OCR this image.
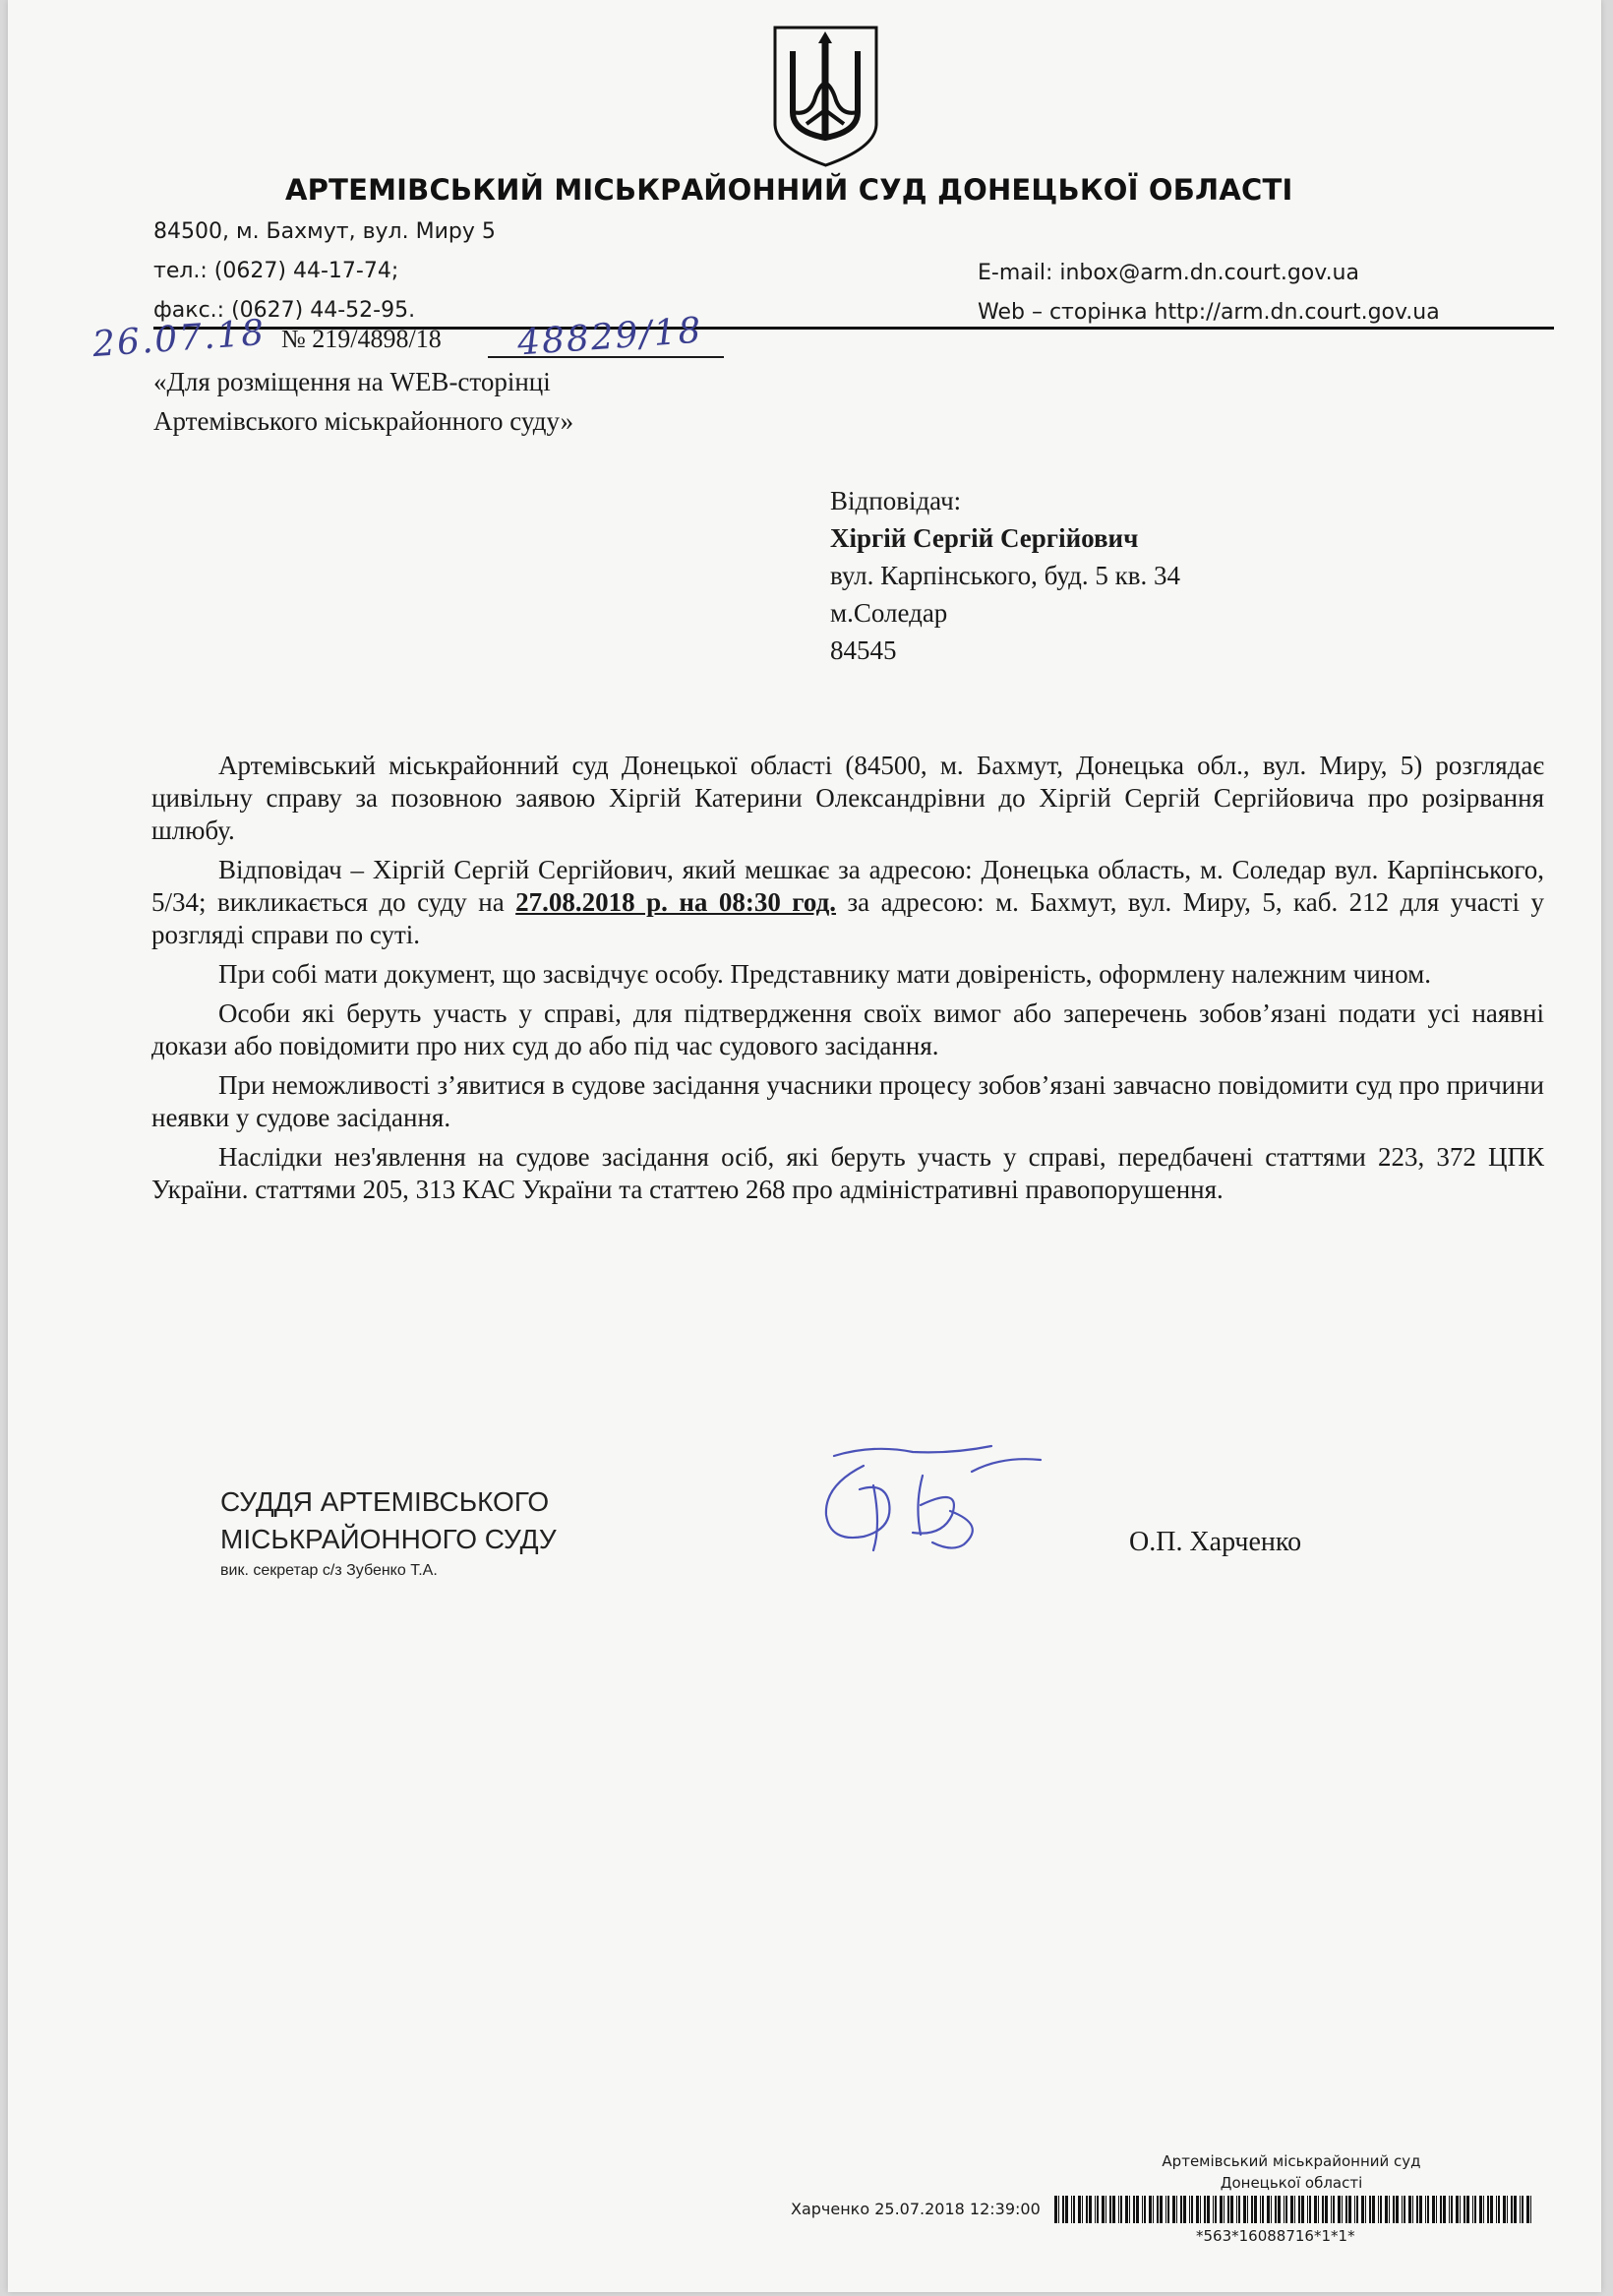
АРТЕМІВСЬКИЙ МІСЬКРАЙОННИЙ СУД ДОНЕЦЬКОЇ ОБЛАСТІ
84500, м. Бахмут, вул. Миру 5
тел.: (0627) 44-17-74;
факс.: (0627) 44-52-95.
E-mail: inbox@arm.dn.court.gov.ua
Web – сторінка http://arm.dn.court.gov.ua
26.07.18 № 219/4898/18 48829/18
«Для розміщення на WEB-сторінці
Артемівського міськрайонного суду»
Відповідач:
Хіргій Сергій Сергійович
вул. Карпінського, буд. 5 кв. 34
м.Соледар
84545

Артемівський міськрайонний суд Донецької області (84500, м. Бахмут, Донецька обл., вул. Миру, 5) розглядає цивільну справу за позовною заявою Хіргій Катерини Олександрівни до Хіргій Сергій Сергійовича про розірвання шлюбу.

Відповідач – Хіргій Сергій Сергійович, який мешкає за адресою: Донецька область, м. Соледар вул. Карпінського, 5/34; викликається до суду на 27.08.2018 р. на 08:30 год. за адресою: м. Бахмут, вул. Миру, 5, каб. 212 для участі у розгляді справи по суті.

При собі мати документ, що засвідчує особу. Представнику мати довіреність, оформлену належним чином.

Особи які беруть участь у справі, для підтвердження своїх вимог або заперечень зобов’язані подати усі наявні докази або повідомити про них суд до або під час судового засідання.

При неможливості з’явитися в судове засідання учасники процесу зобов’язані завчасно повідомити суд про причини неявки у судове засідання.

Наслідки нез'явлення на судове засідання осіб, які беруть участь у справі, передбачені статтями 223, 372 ЦПК України. статтями 205, 313 КАС України та статтею 268 про адміністративні правопорушення.

СУДДЯ АРТЕМІВСЬКОГО
МІСЬКРАЙОННОГО СУДУ
вик. секретар с/з Зубенко Т.А.
О.П. Харченко
Артемівський міськрайонний суд
Донецької області
Харченко 25.07.2018 12:39:00
*563*16088716*1*1*
